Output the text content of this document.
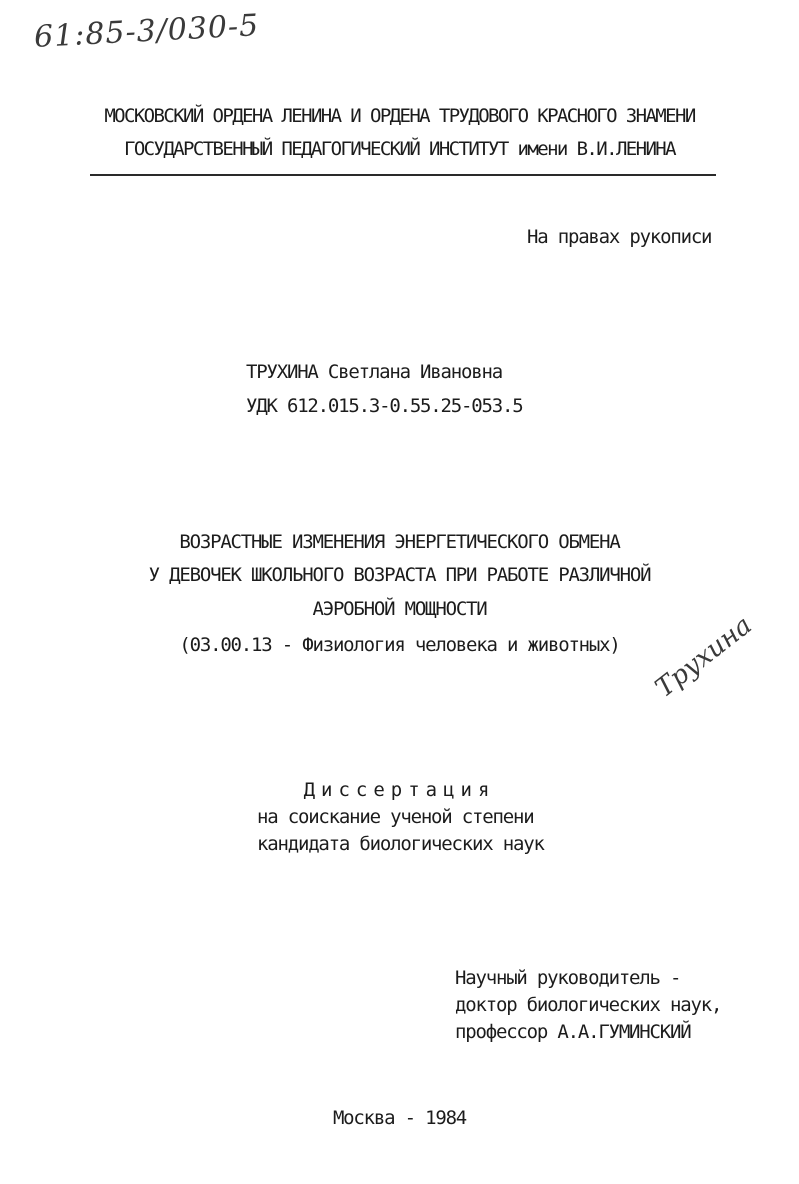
61:85-3/030-5
МОСКОВСКИЙ ОРДЕНА ЛЕНИНА И ОРДЕНА ТРУДОВОГО КРАСНОГО ЗНАМЕНИ
ГОСУДАРСТВЕННЫЙ ПЕДАГОГИЧЕСКИЙ ИНСТИТУТ имени В.И.ЛЕНИНА
На правах рукописи
ТРУХИНА Светлана Ивановна
УДК 612.015.3-0.55.25-053.5
ВОЗРАСТНЫЕ ИЗМЕНЕНИЯ ЭНЕРГЕТИЧЕСКОГО ОБМЕНА
У ДЕВОЧЕК ШКОЛЬНОГО ВОЗРАСТА ПРИ РАБОТЕ РАЗЛИЧНОЙ
АЭРОБНОЙ МОЩНОСТИ
(03.00.13 - Физиология человека и животных)	Трухина
Диссертация
на соискание ученой степени
кандидата биологических наук
Научный руководитель -
доктор биологических наук,
профессор А.А.ГУМИНСКИЙ
Москва - 1984
